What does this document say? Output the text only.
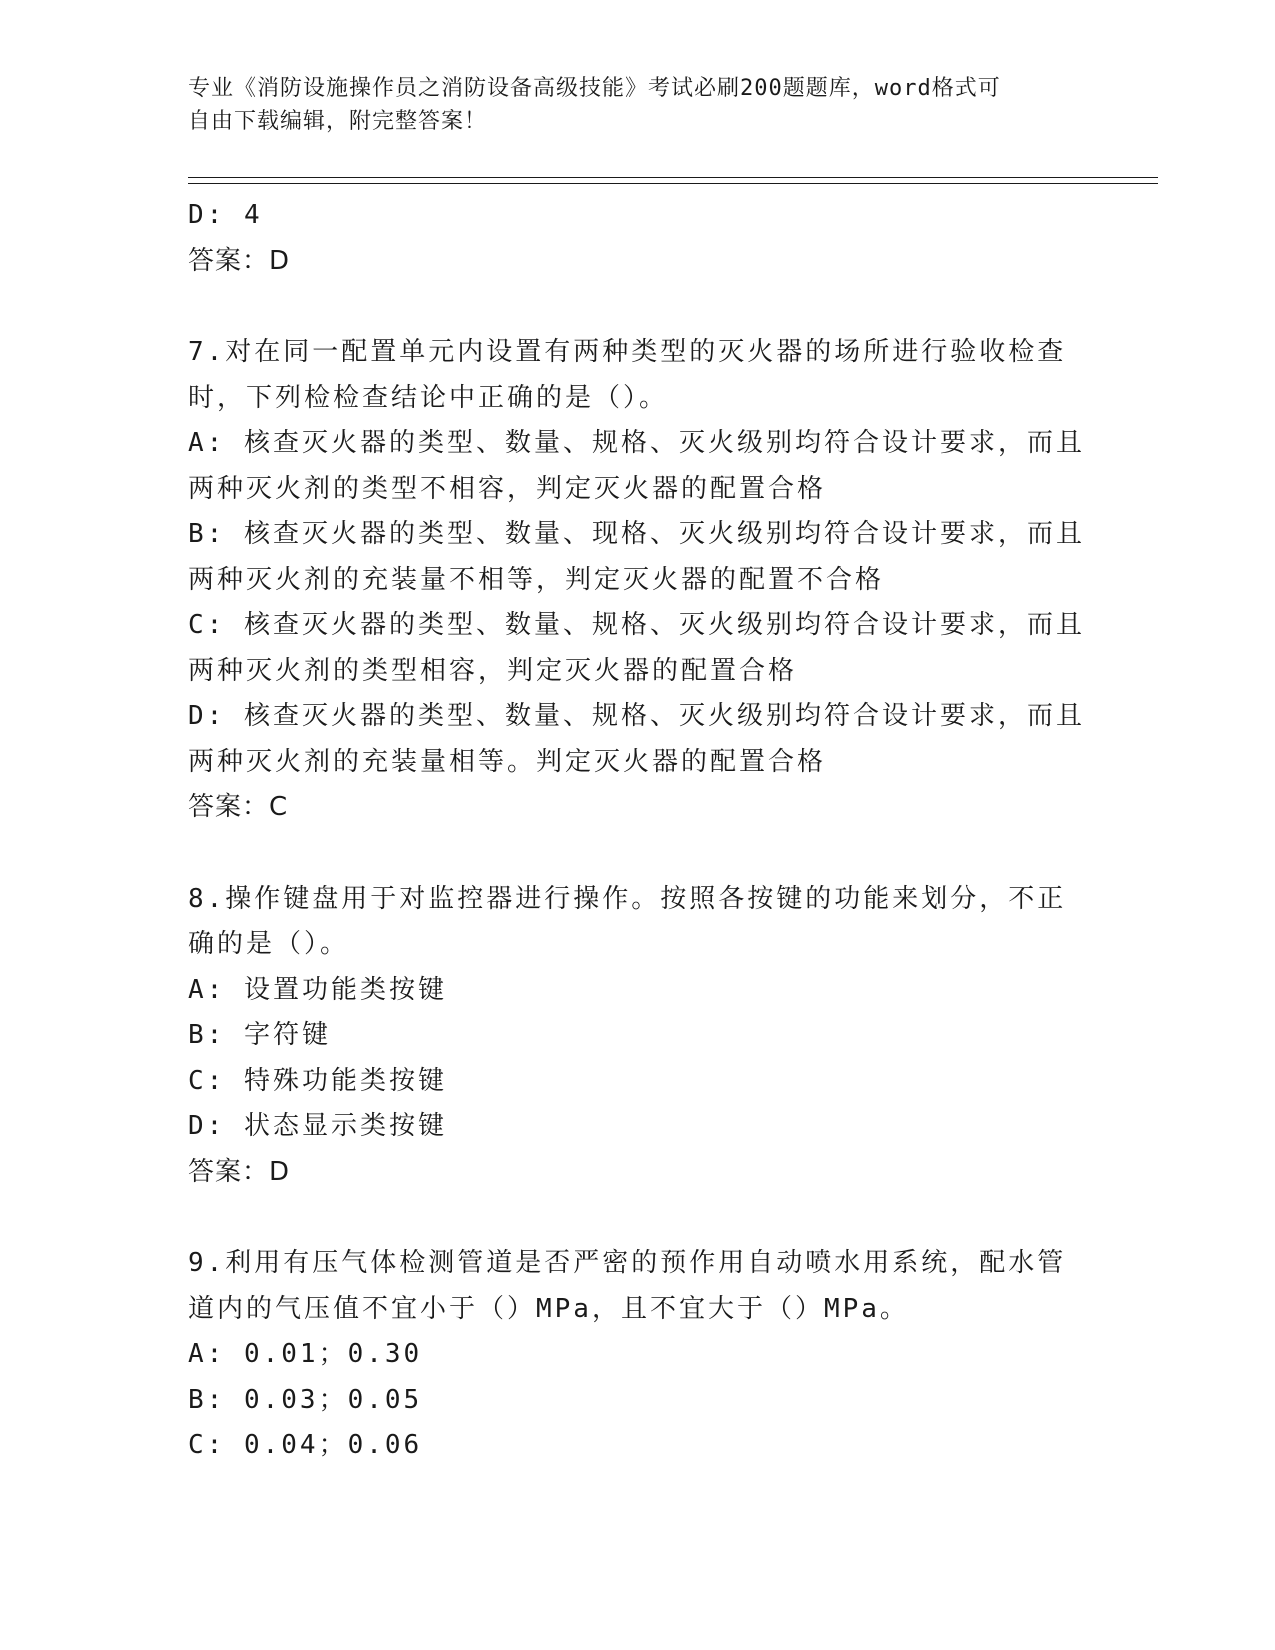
专业《消防设施操作员之消防设备高级技能》考试必刷200题题库，word格式可
自由下载编辑，附完整答案！
D: 4
答案：D
7.对在同一配置单元内设置有两种类型的灭火器的场所进行验收检查
时，下列检检查结论中正确的是（）。
A: 核查灭火器的类型、数量、规格、灭火级别均符合设计要求，而且
两种灭火剂的类型不相容，判定灭火器的配置合格
B: 核查灭火器的类型、数量、现格、灭火级别均符合设计要求，而且
两种灭火剂的充装量不相等，判定灭火器的配置不合格
C: 核查灭火器的类型、数量、规格、灭火级别均符合设计要求，而且
两种灭火剂的类型相容，判定灭火器的配置合格
D: 核查灭火器的类型、数量、规格、灭火级别均符合设计要求，而且
两种灭火剂的充装量相等。判定灭火器的配置合格
答案：C
8.操作键盘用于对监控器进行操作。按照各按键的功能来划分，不正
确的是（）。
A: 设置功能类按键
B: 字符键
C: 特殊功能类按键
D: 状态显示类按键
答案：D
9.利用有压气体检测管道是否严密的预作用自动喷水用系统，配水管
道内的气压值不宜小于（）MPa，且不宜大于（）MPa。
A: 0.01；0.30
B: 0.03；0.05
C: 0.04；0.06
